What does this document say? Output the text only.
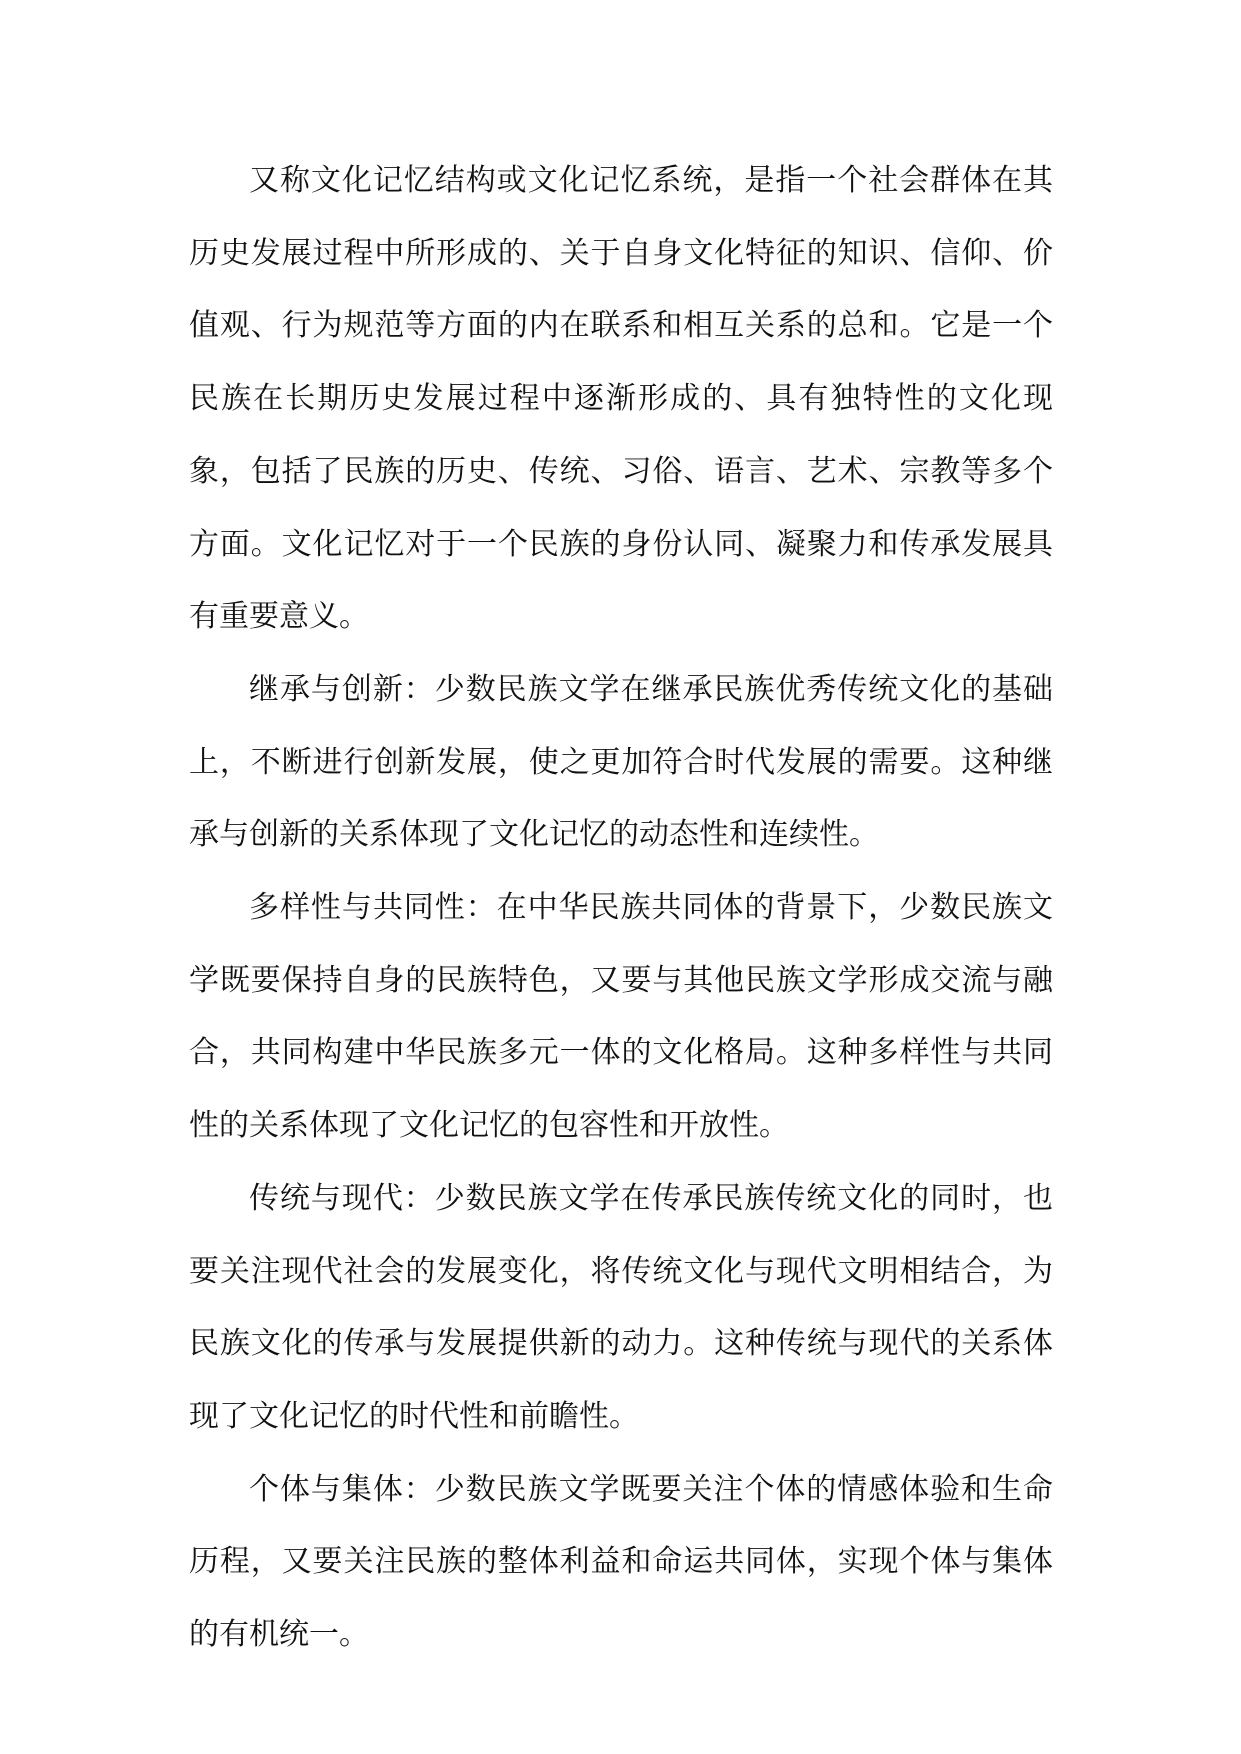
又称文化记忆结构或文化记忆系统，是指一个社会群体在其历史发展过程中所形成的、关于自身文化特征的知识、信仰、价值观、行为规范等方面的内在联系和相互关系的总和。它是一个民族在长期历史发展过程中逐渐形成的、具有独特性的文化现象，包括了民族的历史、传统、习俗、语言、艺术、宗教等多个方面。文化记忆对于一个民族的身份认同、凝聚力和传承发展具有重要意义。

继承与创新：少数民族文学在继承民族优秀传统文化的基础上，不断进行创新发展，使之更加符合时代发展的需要。这种继承与创新的关系体现了文化记忆的动态性和连续性。

多样性与共同性：在中华民族共同体的背景下，少数民族文学既要保持自身的民族特色，又要与其他民族文学形成交流与融合，共同构建中华民族多元一体的文化格局。这种多样性与共同性的关系体现了文化记忆的包容性和开放性。

传统与现代：少数民族文学在传承民族传统文化的同时，也要关注现代社会的发展变化，将传统文化与现代文明相结合，为民族文化的传承与发展提供新的动力。这种传统与现代的关系体现了文化记忆的时代性和前瞻性。

个体与集体：少数民族文学既要关注个体的情感体验和生命历程，又要关注民族的整体利益和命运共同体，实现个体与集体的有机统一。
